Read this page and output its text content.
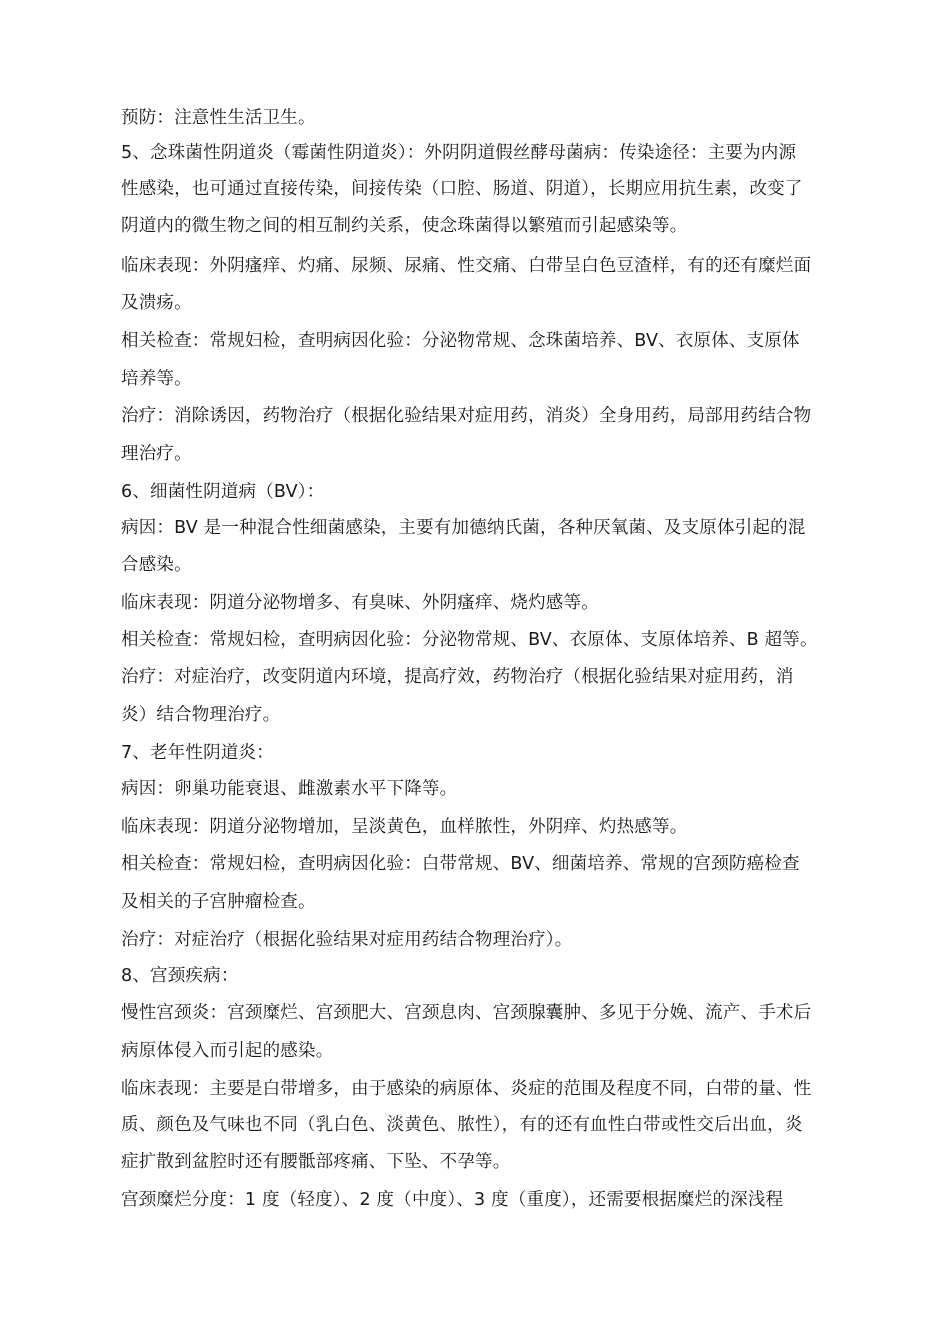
预防：注意性生活卫生。
5、念珠菌性阴道炎（霉菌性阴道炎）：外阴阴道假丝酵母菌病：传染途径：主要为内源
性感染，也可通过直接传染，间接传染（口腔、肠道、阴道），长期应用抗生素，改变了
阴道内的微生物之间的相互制约关系，使念珠菌得以繁殖而引起感染等。
临床表现：外阴瘙痒、灼痛、尿频、尿痛、性交痛、白带呈白色豆渣样，有的还有糜烂面
及溃疡。
相关检查：常规妇检，查明病因化验：分泌物常规、念珠菌培养、BV、衣原体、支原体
培养等。
治疗：消除诱因，药物治疗（根据化验结果对症用药，消炎）全身用药，局部用药结合物
理治疗。
6、细菌性阴道病（BV）：
病因：BV 是一种混合性细菌感染，主要有加德纳氏菌，各种厌氧菌、及支原体引起的混
合感染。
临床表现：阴道分泌物增多、有臭味、外阴瘙痒、烧灼感等。
相关检查：常规妇检，查明病因化验：分泌物常规、BV、衣原体、支原体培养、B 超等。
治疗：对症治疗，改变阴道内环境，提高疗效，药物治疗（根据化验结果对症用药，消
炎）结合物理治疗。
7、老年性阴道炎：
病因：卵巢功能衰退、雌激素水平下降等。
临床表现：阴道分泌物增加，呈淡黄色，血样脓性，外阴痒、灼热感等。
相关检查：常规妇检，查明病因化验：白带常规、BV、细菌培养、常规的宫颈防癌检查
及相关的子宫肿瘤检查。
治疗：对症治疗（根据化验结果对症用药结合物理治疗）。
8、宫颈疾病：
慢性宫颈炎：宫颈糜烂、宫颈肥大、宫颈息肉、宫颈腺囊肿、多见于分娩、流产、手术后
病原体侵入而引起的感染。
临床表现：主要是白带增多，由于感染的病原体、炎症的范围及程度不同，白带的量、性
质、颜色及气味也不同（乳白色、淡黄色、脓性），有的还有血性白带或性交后出血，炎
症扩散到盆腔时还有腰骶部疼痛、下坠、不孕等。
宫颈糜烂分度：1 度（轻度）、2 度（中度）、3 度（重度），还需要根据糜烂的深浅程
